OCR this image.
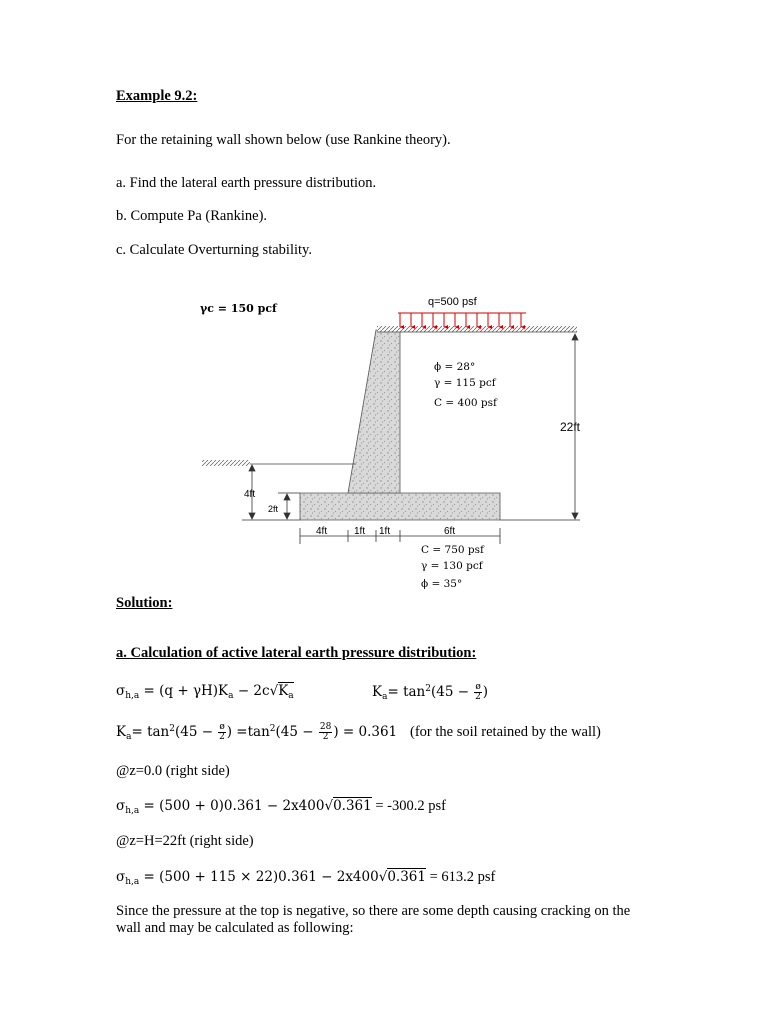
Example 9.2:
For the retaining wall shown below (use Rankine theory).
a. Find the lateral earth pressure distribution.
b. Compute Pa (Rankine).
c. Calculate Overturning stability.
γc = 150 pcf	q=500 psf
ϕ = 28°
γ = 115 pcf
C = 400 psf
22ft
4ft
2ft
4ft	1ft 1ft	6ft
C = 750 psf
γ = 130 pcf
ϕ = 35°
Solution:
a. Calculation of active lateral earth pressure distribution:
$\sigma_{h,a} = (q + \gamma H)K_a - 2c√K_a$	$K_a= \tan^2(45 - \frac{ø}{2}$ )
$K_a= \tan^2(45 - \frac{ø}{2}$ ) $=\tan^2(45 - \frac{28}{2}$ ) = 0.361 (for the soil retained by the wall)
@z=0.0 (right side)
$\sigma_{h,a} = (500 + 0)0.361 - 2x400√0.361 = -300.2$ psf
@z=H=22ft (right side)
$\sigma_{h,a} = (500 + 115 \times 22)0.361 - 2x400√0.361 = 613.2$ psf
Since the pressure at the top is negative, so there are some depth causing cracking on the wall and may be calculated as following:
